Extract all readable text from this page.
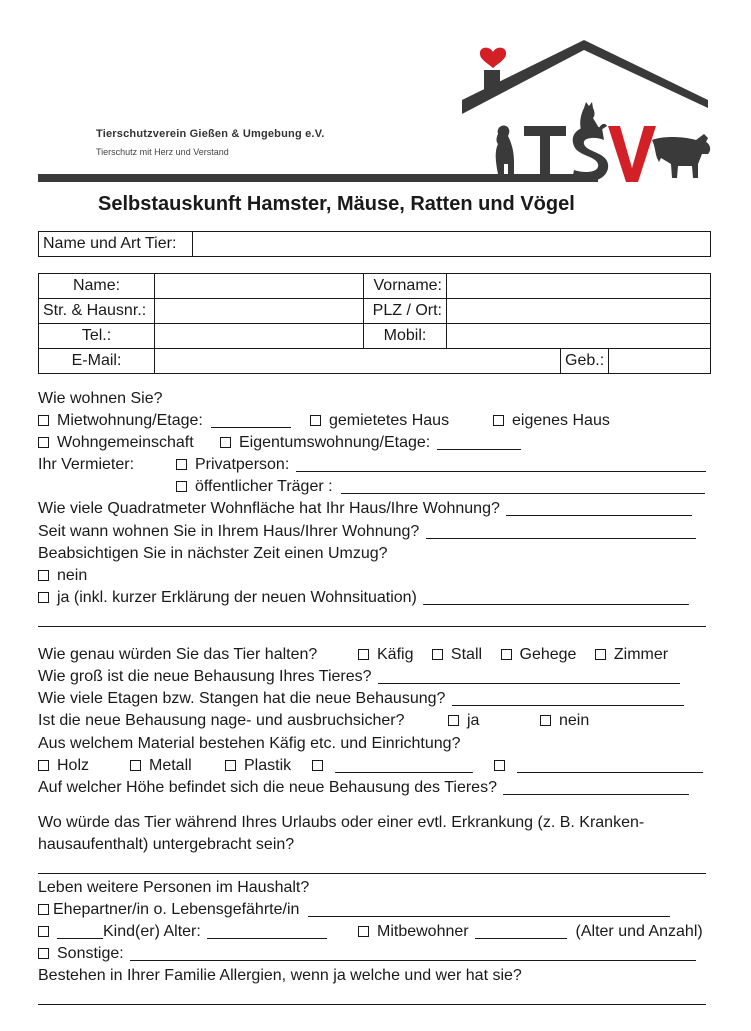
Tierschutzverein Gießen & Umgebung e.V.
Tierschutz mit Herz und Verstand
Selbstauskunft Hamster, Mäuse, Ratten und Vögel
Name und Art Tier:	
Name:		Vorname:			
Str. & Hausnr.:		PLZ / Ort:			
Tel.:		Mobil:			
E-Mail:				Geb.:	
Wie wohnen Sie?
Mietwohnung/Etage:	gemietetes Haus	eigenes Haus
Wohngemeinschaft	Eigentumswohnung/Etage:
Ihr Vermieter:	Privatperson:
öffentlicher Träger :
Wie viele Quadratmeter Wohnfläche hat Ihr Haus/Ihre Wohnung?
Seit wann wohnen Sie in Ihrem Haus/Ihrer Wohnung?
Beabsichtigen Sie in nächster Zeit einen Umzug?
nein
ja (inkl. kurzer Erklärung der neuen Wohnsituation)
Wie genau würden Sie das Tier halten?	Käfig Stall Gehege Zimmer
Wie groß ist die neue Behausung Ihres Tieres?
Wie viele Etagen bzw. Stangen hat die neue Behausung?
Ist die neue Behausung nage- und ausbruchsicher?	ja	nein
Aus welchem Material bestehen Käfig etc. und Einrichtung?
Holz	Metall	Plastik

Auf welcher Höhe befindet sich die neue Behausung des Tieres?
Wo würde das Tier während Ihres Urlaubs oder einer evtl. Erkrankung (z. B. Kranken-
hausaufenthalt) untergebracht sein?
Leben weitere Personen im Haushalt?
Ehepartner/in o. Lebensgefährte/in
Kind(er) Alter:	Mitbewohner	(Alter und Anzahl)
Sonstige:
Bestehen in Ihrer Familie Allergien, wenn ja welche und wer hat sie?
